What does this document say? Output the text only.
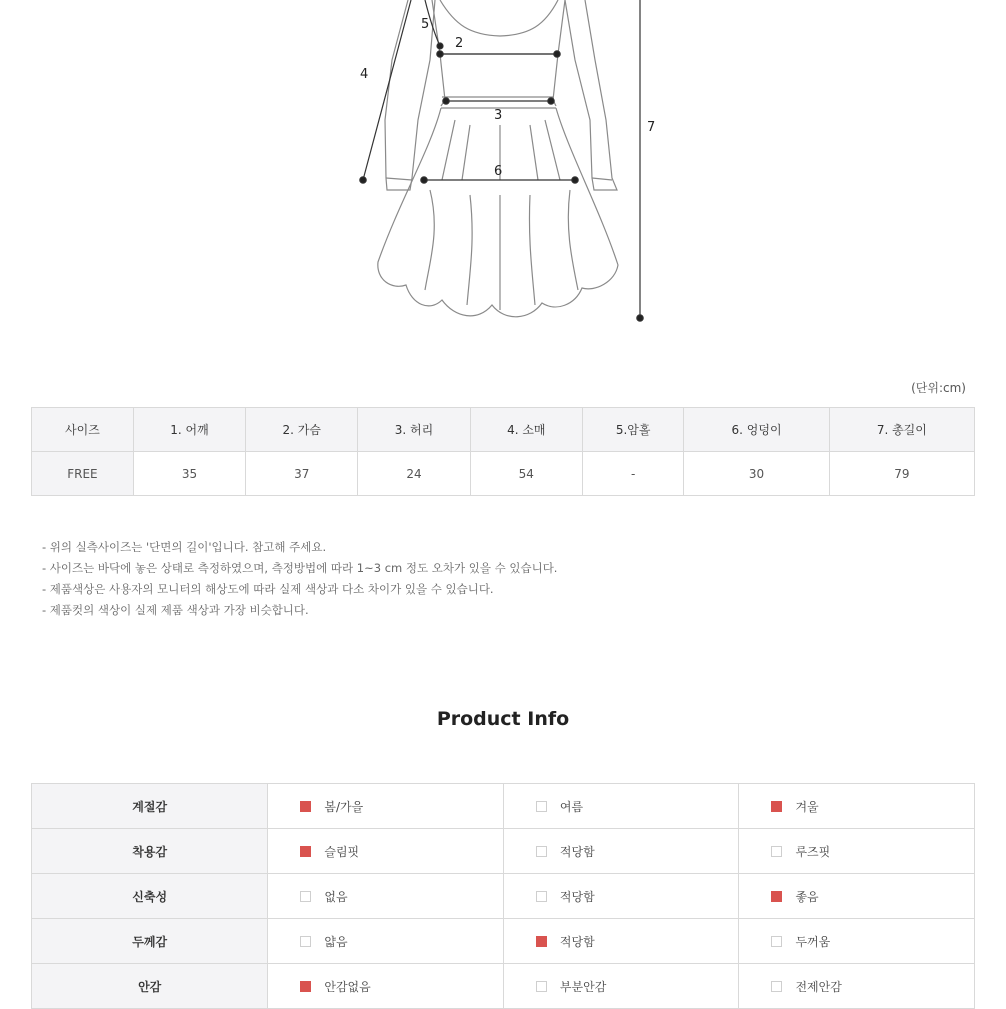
5
2
4
3
7
6
(단위:cm)
사이즈	1. 어깨	2. 가슴	3. 허리	4. 소매	5.암홀	6. 엉덩이	7. 총길이
FREE	35	37	24	54	-	30	79
- 위의 실측사이즈는 '단면의 길이'입니다. 참고해 주세요.
- 사이즈는 바닥에 놓은 상태로 측정하였으며, 측정방법에 따라 1~3 cm 정도 오차가 있을 수 있습니다.
- 제품색상은 사용자의 모니터의 해상도에 따라 실제 색상과 다소 차이가 있을 수 있습니다.
- 제품컷의 색상이 실제 제품 색상과 가장 비슷합니다.
Product Info
계절감	봄/가을	여름	겨울

착용감	슬림핏	적당함	루즈핏

신축성	없음	적당함	좋음

두께감	얇음	적당함	두꺼움

안감	안감없음	부분안감	전제안감
